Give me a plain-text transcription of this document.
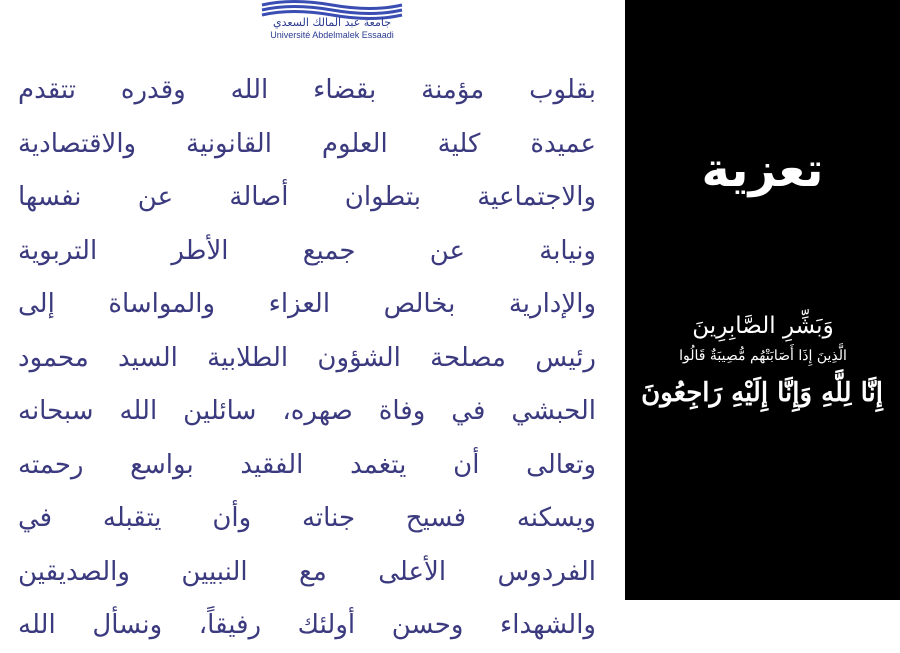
جامعة عبد المالك السعدي
Université Abdelmalek Essaadi

بقلوب مؤمنة بقضاء الله وقدره تتقدم

عميدة كلية العلوم القانونية والاقتصادية

والاجتماعية بتطوان أصالة عن نفسها

ونيابة عن جميع الأطر التربوية

والإدارية بخالص العزاء والمواساة إلى

رئيس مصلحة الشؤون الطلابية السيد محمود

الحبشي في وفاة صهره، سائلين الله سبحانه

وتعالى أن يتغمد الفقيد بواسع رحمته

ويسكنه فسيح جناته وأن يتقبله في

الفردوس الأعلى مع النبيين والصديقين

والشهداء وحسن أولئك رفيقاً، ونسأل الله

تعزية
وَبَشِّرِ الصَّابِرِينَ
الَّذِينَ إِذَا أَصَابَتْهُم مُّصِيبَةٌ قَالُوا
إِنَّا لِلَّهِ وَإِنَّا إِلَيْهِ رَاجِعُونَ
